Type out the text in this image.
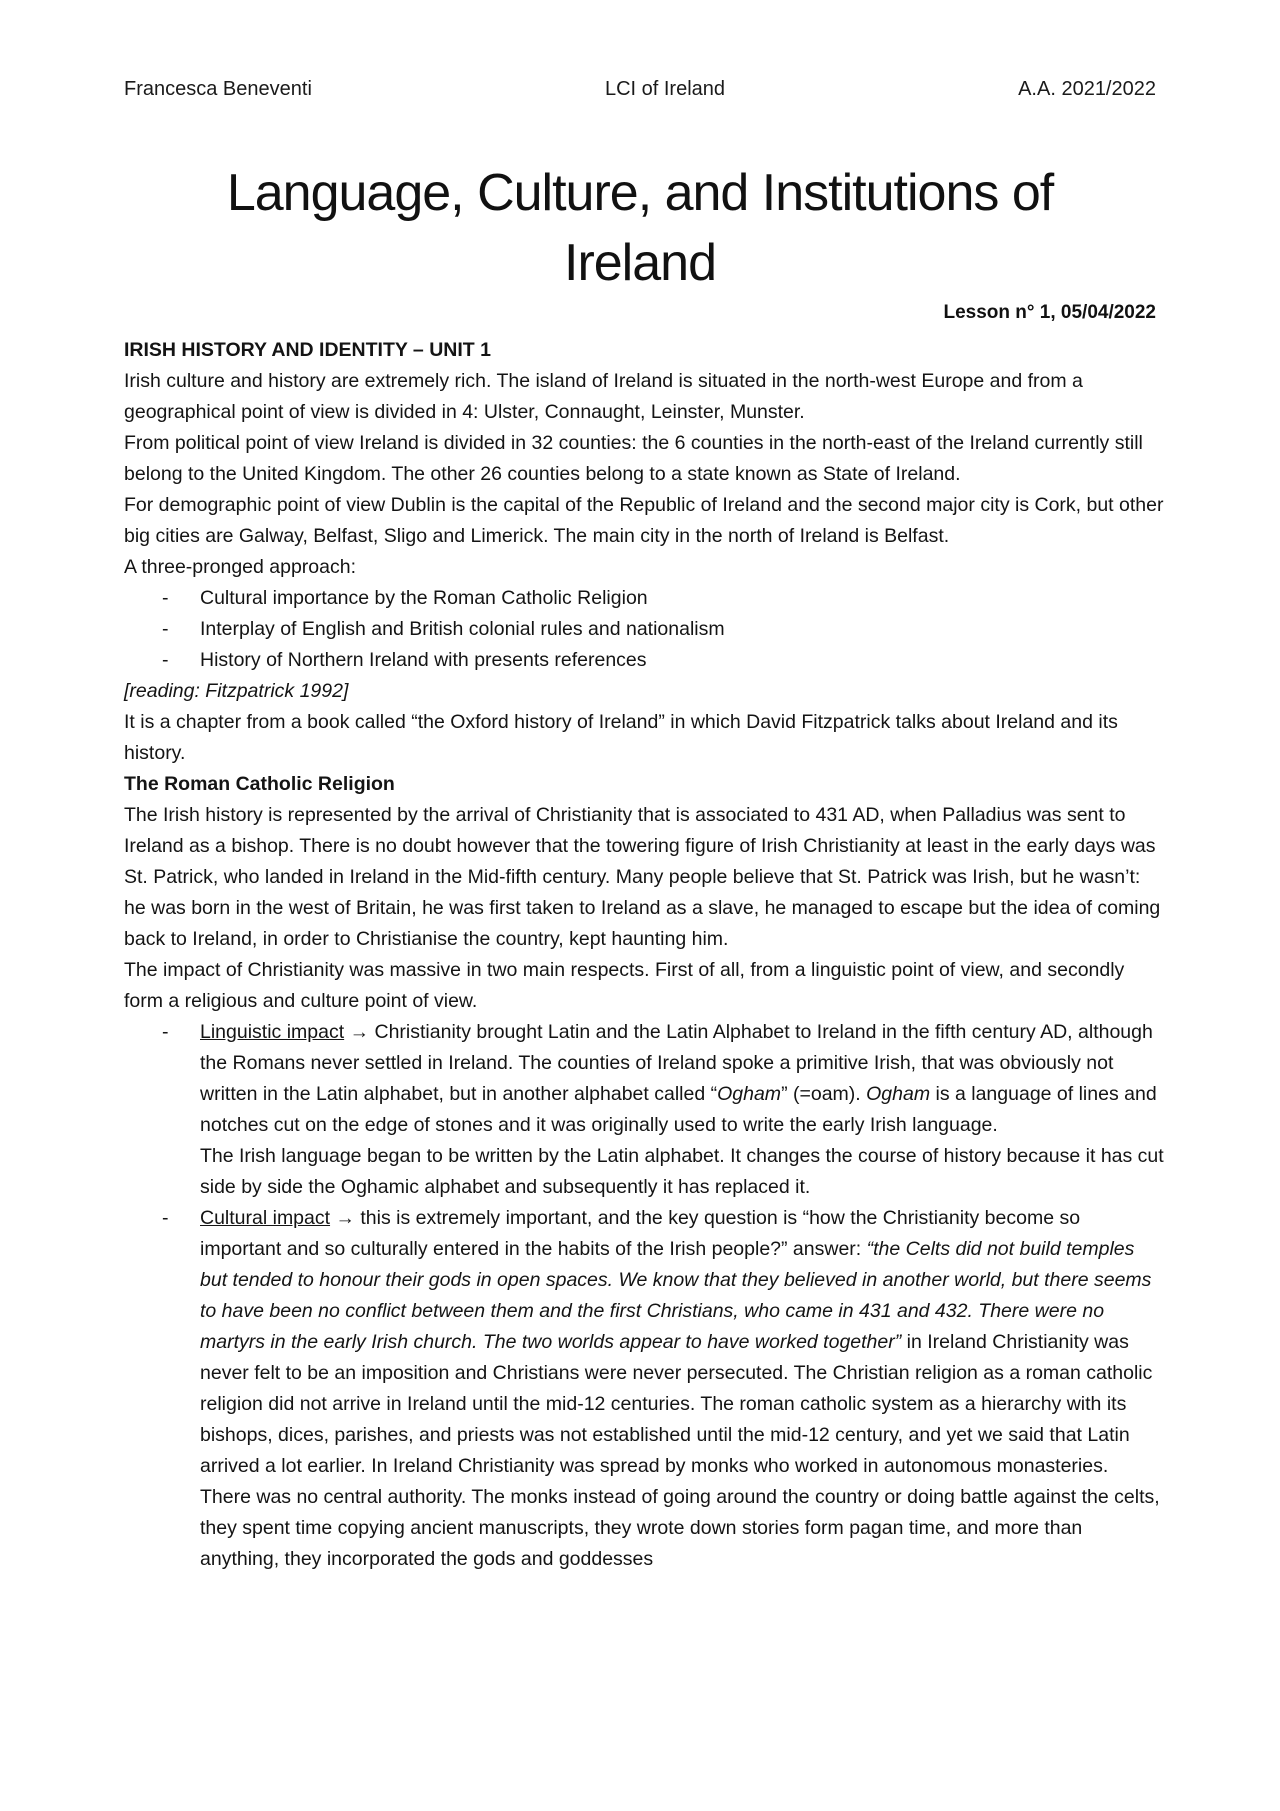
Francesca Beneventi	LCI of Ireland	A.A. 2021/2022
Language, Culture, and Institutions of
Ireland
Lesson n° 1, 05/04/2022

IRISH HISTORY AND IDENTITY – UNIT 1

Irish culture and history are extremely rich. The island of Ireland is situated in the north-west Europe and from a geographical point of view is divided in 4: Ulster, Connaught, Leinster, Munster.

From political point of view Ireland is divided in 32 counties: the 6 counties in the north-east of the Ireland currently still belong to the United Kingdom. The other 26 counties belong to a state known as State of Ireland.

For demographic point of view Dublin is the capital of the Republic of Ireland and the second major city is Cork, but other big cities are Galway, Belfast, Sligo and Limerick. The main city in the north of Ireland is Belfast.

A three-pronged approach:

- Cultural importance by the Roman Catholic Religion
- Interplay of English and British colonial rules and nationalism
- History of Northern Ireland with presents references

[reading: Fitzpatrick 1992]

It is a chapter from a book called “the Oxford history of Ireland” in which David Fitzpatrick talks about Ireland and its history.

The Roman Catholic Religion

The Irish history is represented by the arrival of Christianity that is associated to 431 AD, when Palladius was sent to Ireland as a bishop. There is no doubt however that the towering figure of Irish Christianity at least in the early days was St. Patrick, who landed in Ireland in the Mid-fifth century. Many people believe that St. Patrick was Irish, but he wasn’t: he was born in the west of Britain, he was first taken to Ireland as a slave, he managed to escape but the idea of coming back to Ireland, in order to Christianise the country, kept haunting him.

The impact of Christianity was massive in two main respects. First of all, from a linguistic point of view, and secondly form a religious and culture point of view.

- Linguistic impact → Christianity brought Latin and the Latin Alphabet to Ireland in the fifth century AD, although the Romans never settled in Ireland. The counties of Ireland spoke a primitive Irish, that was obviously not written in the Latin alphabet, but in another alphabet called “Ogham” (=oam). Ogham is a language of lines and notches cut on the edge of stones and it was originally used to write the early Irish language.
The Irish language began to be written by the Latin alphabet. It changes the course of history because it has cut side by side the Oghamic alphabet and subsequently it has replaced it.
- Cultural impact → this is extremely important, and the key question is “how the Christianity become so important and so culturally entered in the habits of the Irish people?” answer: “the Celts did not build temples but tended to honour their gods in open spaces. We know that they believed in another world, but there seems to have been no conflict between them and the first Christians, who came in 431 and 432. There were no martyrs in the early Irish church. The two worlds appear to have worked together” in Ireland Christianity was never felt to be an imposition and Christians were never persecuted. The Christian religion as a roman catholic religion did not arrive in Ireland until the mid-12 centuries. The roman catholic system as a hierarchy with its bishops, dices, parishes, and priests was not established until the mid-12 century, and yet we said that Latin arrived a lot earlier. In Ireland Christianity was spread by monks who worked in autonomous monasteries. There was no central authority. The monks instead of going around the country or doing battle against the celts, they spent time copying ancient manuscripts, they wrote down stories form pagan time, and more than anything, they incorporated the gods and goddesses
